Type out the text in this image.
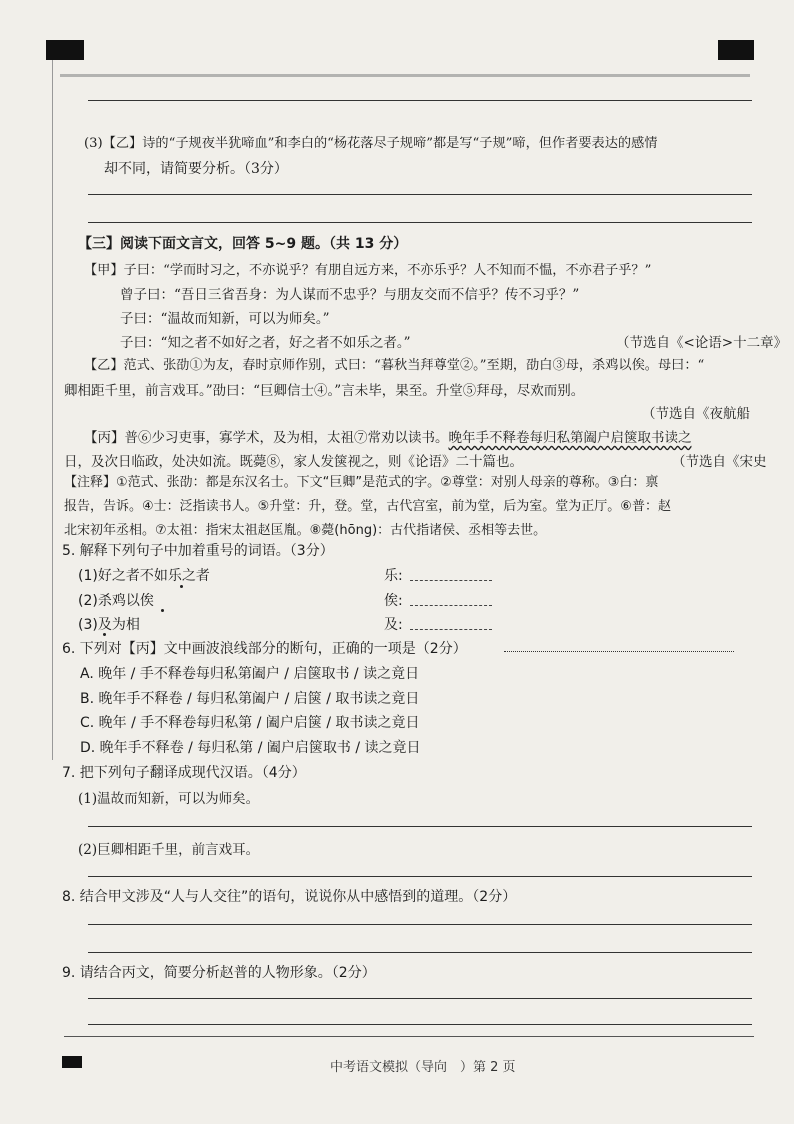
(3)【乙】诗的“子规夜半犹啼血”和李白的“杨花落尽子规啼”都是写“子规”啼，但作者要表达的感情
却不同，请简要分析。（3分）
【三】阅读下面文言文，回答 5~9 题。（共 13 分）
【甲】子曰：“学而时习之，不亦说乎？有朋自远方来，不亦乐乎？人不知而不愠，不亦君子乎？”
曾子曰：“吾日三省吾身：为人谋而不忠乎？与朋友交而不信乎？传不习乎？”
子曰：“温故而知新，可以为师矣。”
子曰：“知之者不如好之者，好之者不如乐之者。”	（节选自《<论语>十二章》
【乙】范式、张劭①为友，春时京师作别，式曰：“暮秋当拜尊堂②。”至期，劭白③母，杀鸡以俟。母曰：“
卿相距千里，前言戏耳。”劭曰：“巨卿信士④。”言未毕，果至。升堂⑤拜母，尽欢而别。
（节选自《夜航船
【丙】普⑥少习吏事，寡学术，及为相，太祖⑦常劝以读书。晚年手不释卷每归私第阖户启箧取书读之
日，及次日临政，处决如流。既薨⑧，家人发箧视之，则《论语》二十篇也。	（节选自《宋史
【注释】①范式、张劭：都是东汉名士。下文“巨卿”是范式的字。②尊堂：对别人母亲的尊称。③白：禀
报告，告诉。④士：泛指读书人。⑤升堂：升，登。堂，古代宫室，前为堂，后为室。堂为正厅。⑥普：赵
北宋初年丞相。⑦太祖：指宋太祖赵匡胤。⑧薨(hōng)：古代指诸侯、丞相等去世。
5. 解释下列句子中加着重号的词语。（3分）
(1)好之者不如乐之者	乐:
(2)杀鸡以俟	俟:
(3)及为相	及:
6. 下列对【丙】文中画波浪线部分的断句，正确的一项是（2分）
A. 晚年 / 手不释卷每归私第阖户 / 启箧取书 / 读之竟日
B. 晚年手不释卷 / 每归私第阖户 / 启箧 / 取书读之竟日
C. 晚年 / 手不释卷每归私第 / 阖户启箧 / 取书读之竟日
D. 晚年手不释卷 / 每归私第 / 阖户启箧取书 / 读之竟日
7. 把下列句子翻译成现代汉语。（4分）
(1)温故而知新，可以为师矣。
(2)巨卿相距千里，前言戏耳。
8. 结合甲文涉及“人与人交往”的语句，说说你从中感悟到的道理。（2分）
9. 请结合丙文，简要分析赵普的人物形象。（2分）
中考语文模拟（导向　）第 2 页
